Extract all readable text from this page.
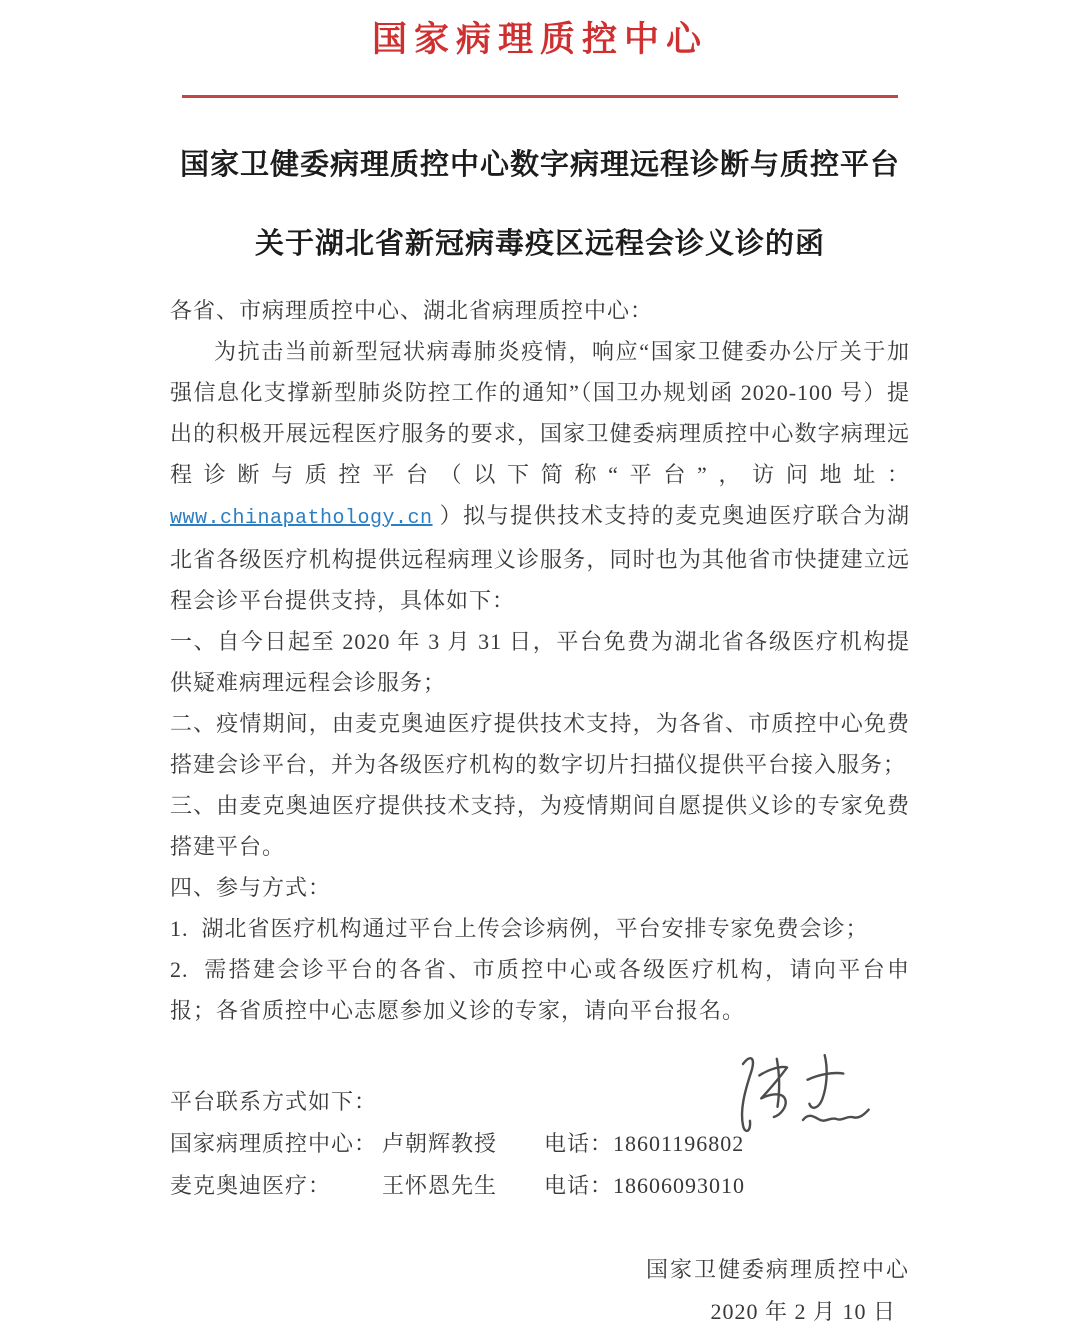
国家病理质控中心
国家卫健委病理质控中心数字病理远程诊断与质控平台
关于湖北省新冠病毒疫区远程会诊义诊的函

各省、市病理质控中心、湖北省病理质控中心：

为抗击当前新型冠状病毒肺炎疫情，响应“国家卫健委办公厅关于加强信息化支撑新型肺炎防控工作的通知”（国卫办规划函 2020-100 号）提出的积极开展远程医疗服务的要求，国家卫健委病理质控中心数字病理远程诊断与质控平台（以下简称“平台”，访问地址：www.chinapathology.cn ）拟与提供技术支持的麦克奥迪医疗联合为湖北省各级医疗机构提供远程病理义诊服务，同时也为其他省市快捷建立远程会诊平台提供支持，具体如下：

一、自今日起至 2020 年 3 月 31 日，平台免费为湖北省各级医疗机构提供疑难病理远程会诊服务；

二、疫情期间，由麦克奥迪医疗提供技术支持，为各省、市质控中心免费搭建会诊平台，并为各级医疗机构的数字切片扫描仪提供平台接入服务；

三、由麦克奥迪医疗提供技术支持，为疫情期间自愿提供义诊的专家免费搭建平台。

四、参与方式：

1.  湖北省医疗机构通过平台上传会诊病例，平台安排专家免费会诊；

2.  需搭建会诊平台的各省、市质控中心或各级医疗机构，请向平台申报；各省质控中心志愿参加义诊的专家，请向平台报名。

平台联系方式如下：

国家病理质控中心： 卢朝辉教授	电话： 18601196802
麦克奥迪医疗：	王怀恩先生	电话： 18606093010
国家卫健委病理质控中心
2020 年 2 月 10 日
